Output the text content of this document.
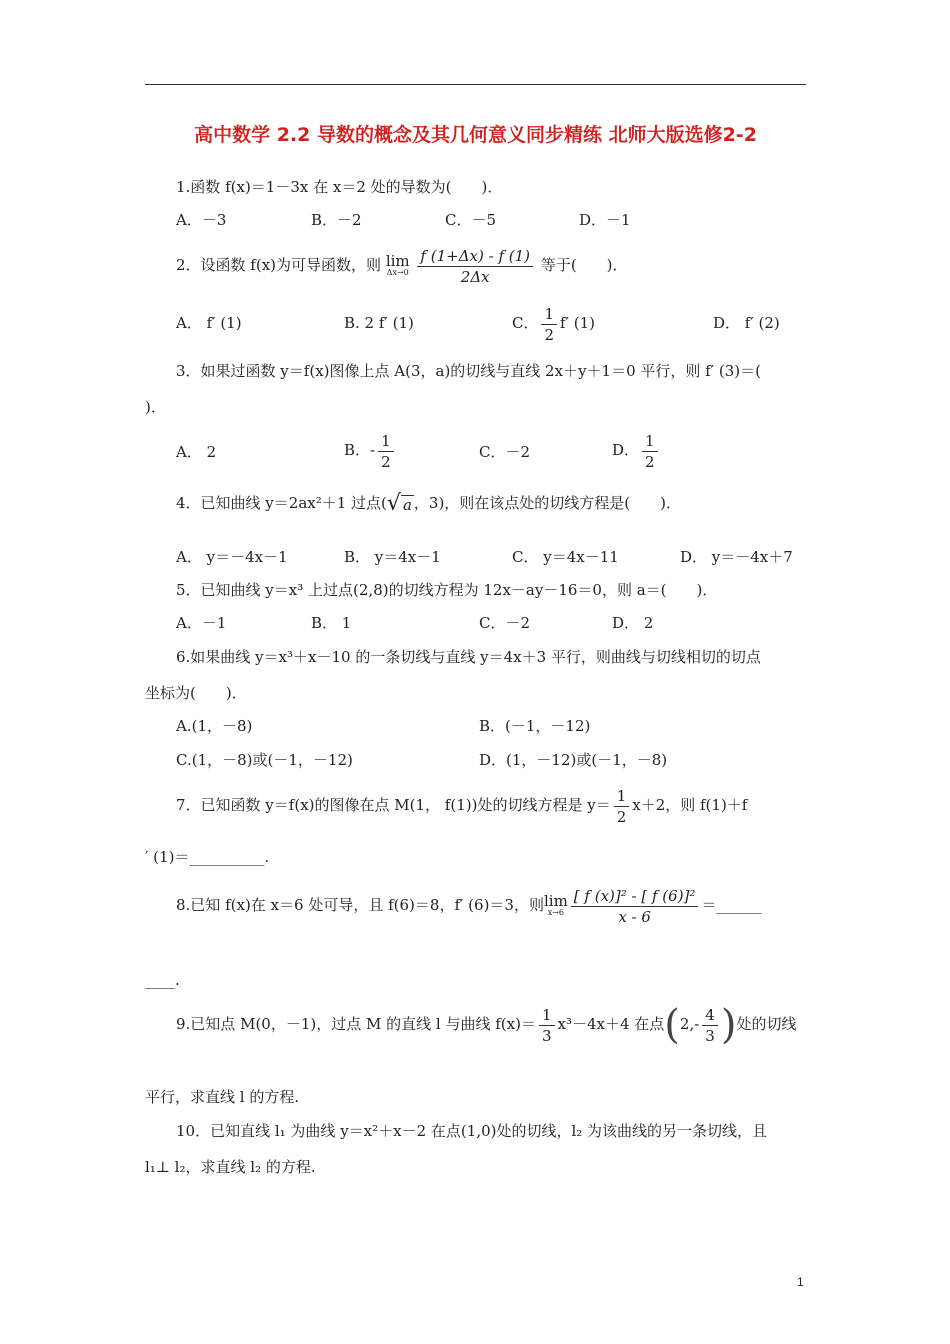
高中数学 2.2 导数的概念及其几何意义同步精练 北师大版选修2-2
1.函数 f(x)＝1－3x 在 x＝2 处的导数为(　　)．
A．－3	B．－2	C．－5	D．－1
2．设函数 f(x)为可导函数，则 lim
Δx→0
$\frac{f (1+\Delta x) - f (1)}{2\Delta x}$ 等于(　　)．
A． f′ (1)	B. 2 f′ (1)	C． $\frac{1}{2} f'$ (1)	D． f′ (2)
3．如果过函数 y＝f(x)图像上点 A(3，a)的切线与直线 2x＋y＋1＝0 平行，则 f′ (3)＝(
)．
A． 2	B．- $\frac{1}{2}$	C．－2	D． $\frac{1}{2}$
4．已知曲线 y＝2ax²＋1 过点(√ a ，3)，则在该点处的切线方程是(　　)．
A． y＝－4x－1	B． y＝4x－1	C． y＝4x－11	D． y＝－4x＋7
5．已知曲线 y＝x³ 上过点(2,8)的切线方程为 12x－ay－16＝0，则 a＝(　　)．
A．－1	B． 1	C．－2	D． 2
6.如果曲线 y＝x³＋x－10 的一条切线与直线 y＝4x＋3 平行，则曲线与切线相切的切点
坐标为(　　)．
A.(1，－8)	B．(－1，－12)
C.(1，－8)或(－1，－12)	D．(1，－12)或(－1，－8)
7．已知函数 y＝f(x)的图像在点 M(1， f(1))处的切线方程是 $y= \frac{1}{2} x+2$，则 f(1)＋f
′ (1)＝__________.
8.已知 f(x)在 x＝6 处可导，且 f(6)＝8，f′ (6)＝3，则lim
$x\to 6 \frac{\text{[ f (x)]² - [ f (6)]²}}{x - 6}$ ＝______
____.
9.已知点 M(0，－1)，过点 M 的直线 l 与曲线 $f(x)= \frac{1}{3} x^3-4x+4$ 在点($2,- \frac{4}{3}$ )处的切线
平行，求直线 l 的方程.
10．已知直线 l₁ 为曲线 y＝x²＋x－2 在点(1,0)处的切线，l₂ 为该曲线的另一条切线，且
l₁⊥ l₂，求直线 l₂ 的方程.
1
